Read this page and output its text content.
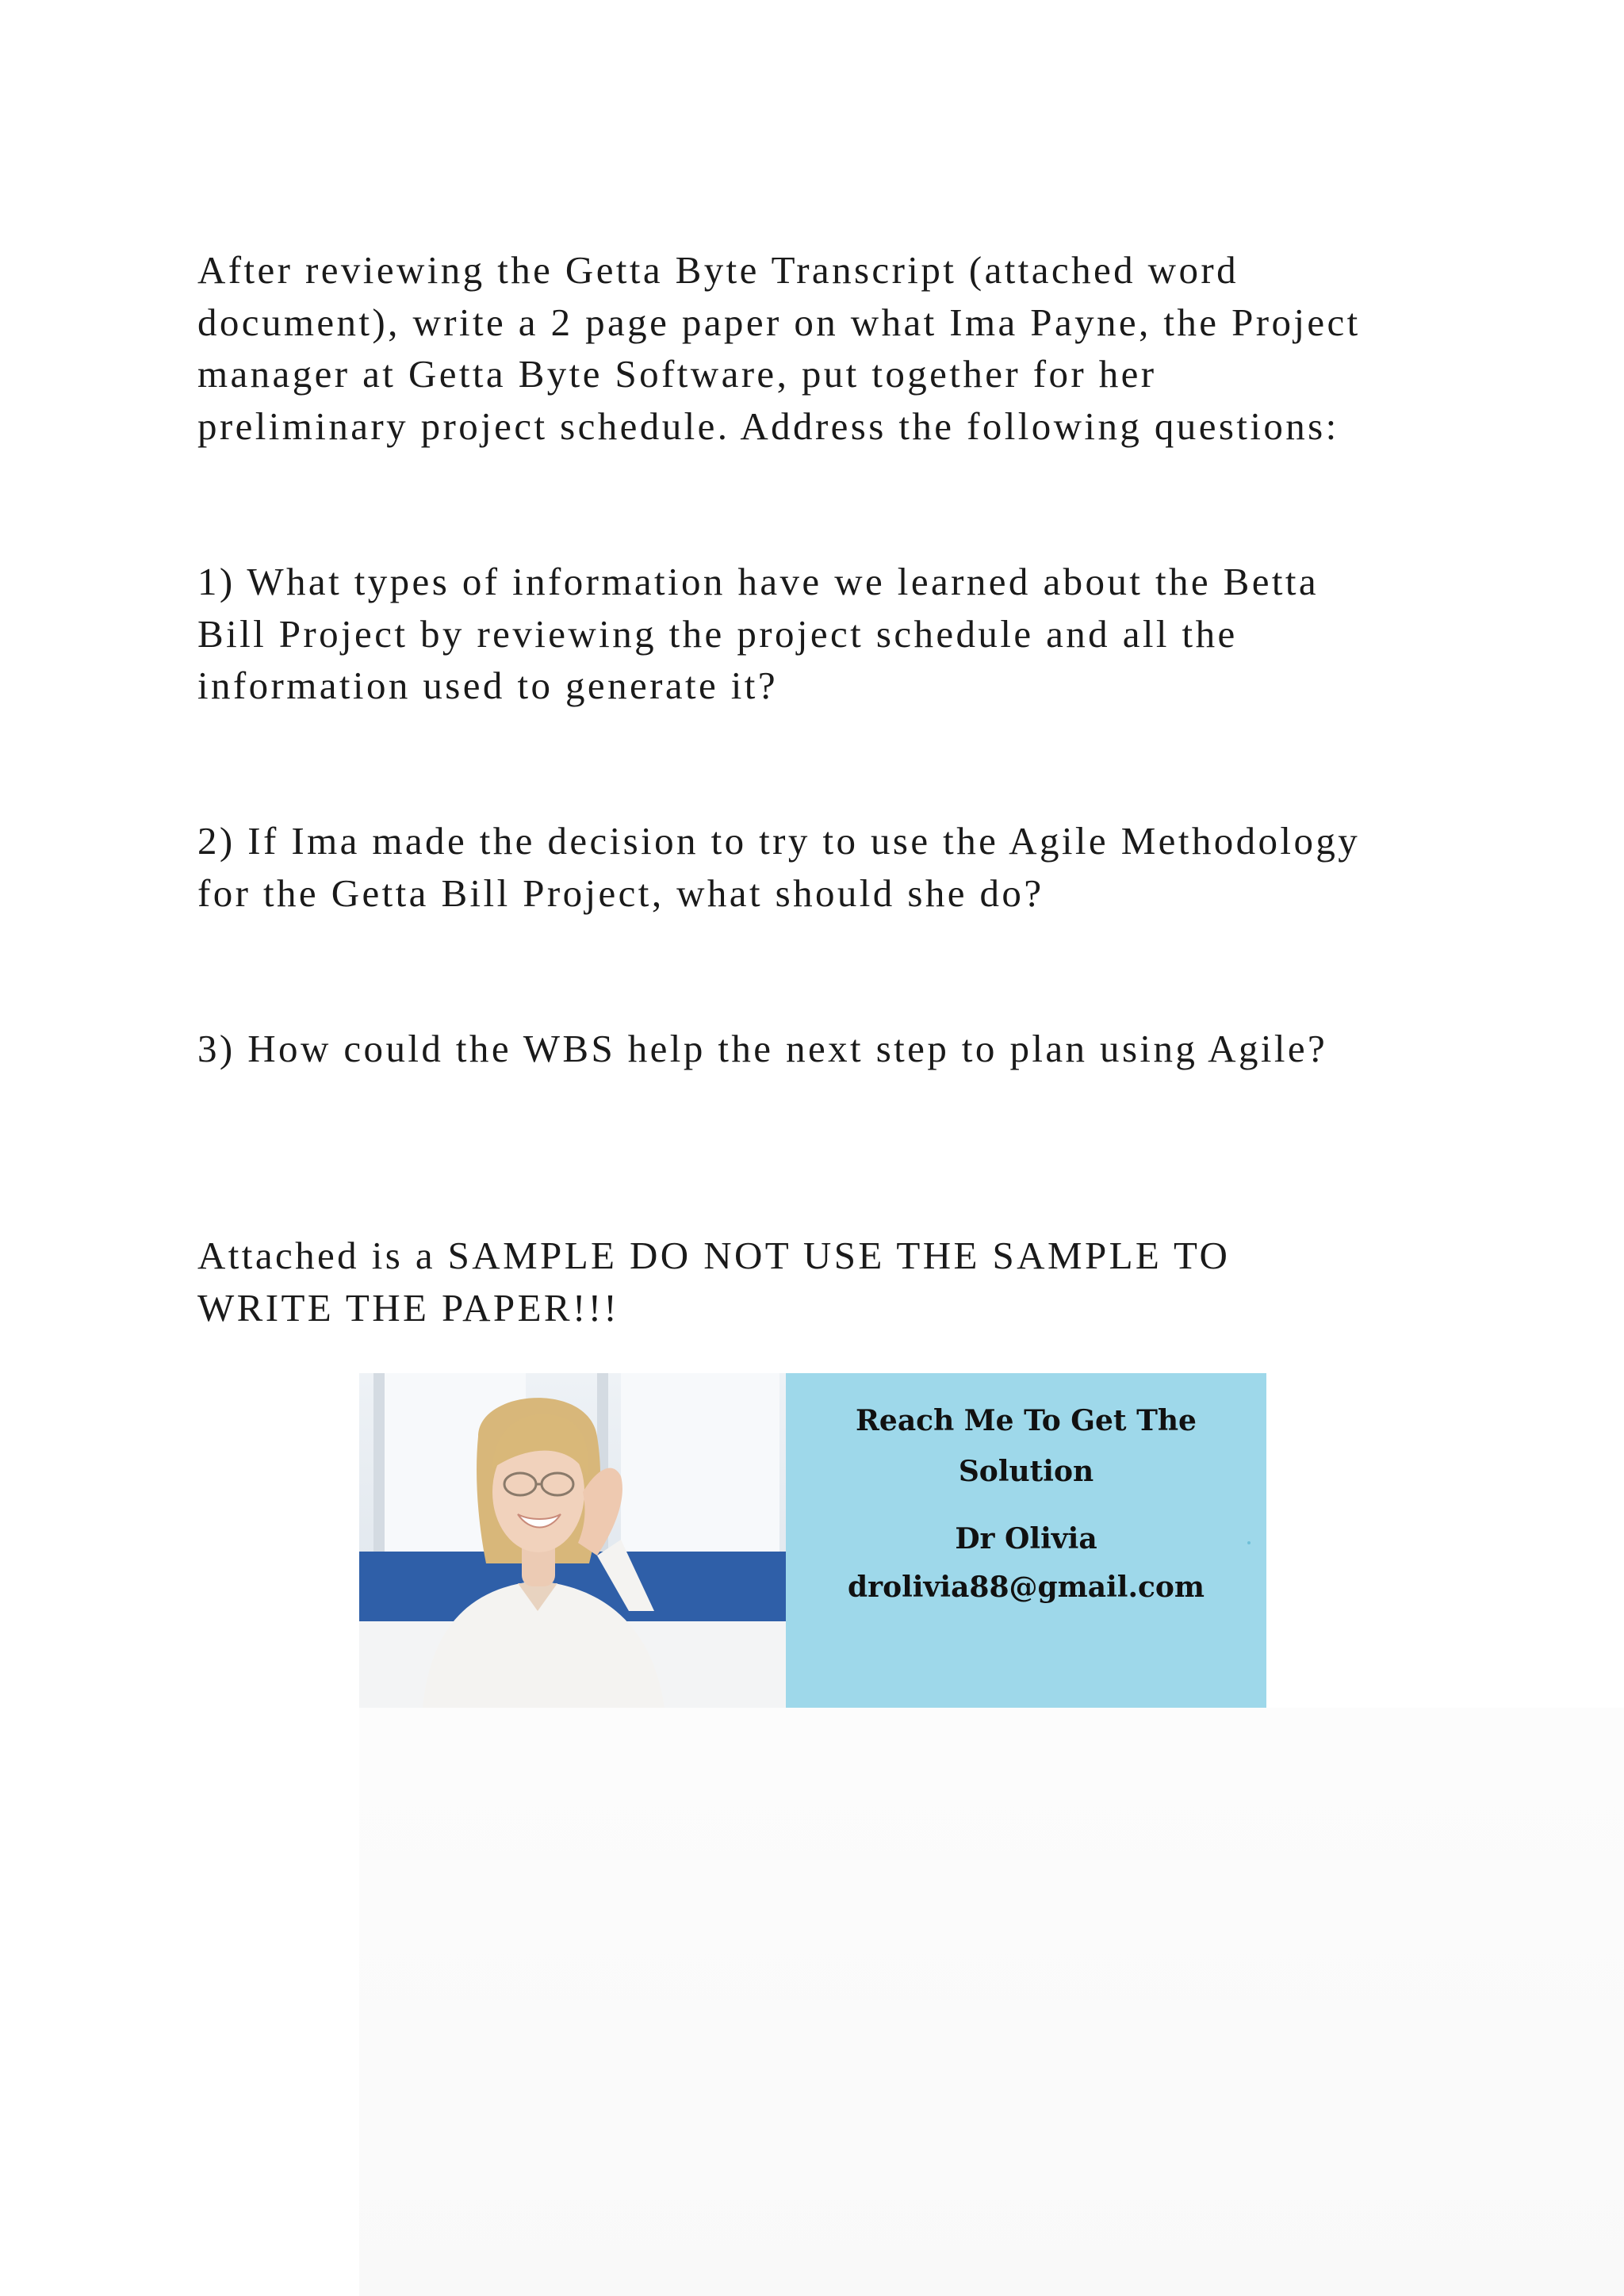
After reviewing the Getta Byte Transcript (attached word
document), write a 2 page paper on what Ima Payne, the Project
manager at Getta Byte Software, put together for her
preliminary project schedule. Address the following questions:

1) What types of information have we learned about the Betta
Bill Project by reviewing the project schedule and all the
information used to generate it?

2) If Ima made the decision to try to use the Agile Methodology
for the Getta Bill Project, what should she do?

3) How could the WBS help the next step to plan using Agile?

Attached is a SAMPLE DO NOT USE THE SAMPLE TO
WRITE THE PAPER!!!

Reach Me To Get The
Solution
Dr Olivia
drolivia88@gmail.com
